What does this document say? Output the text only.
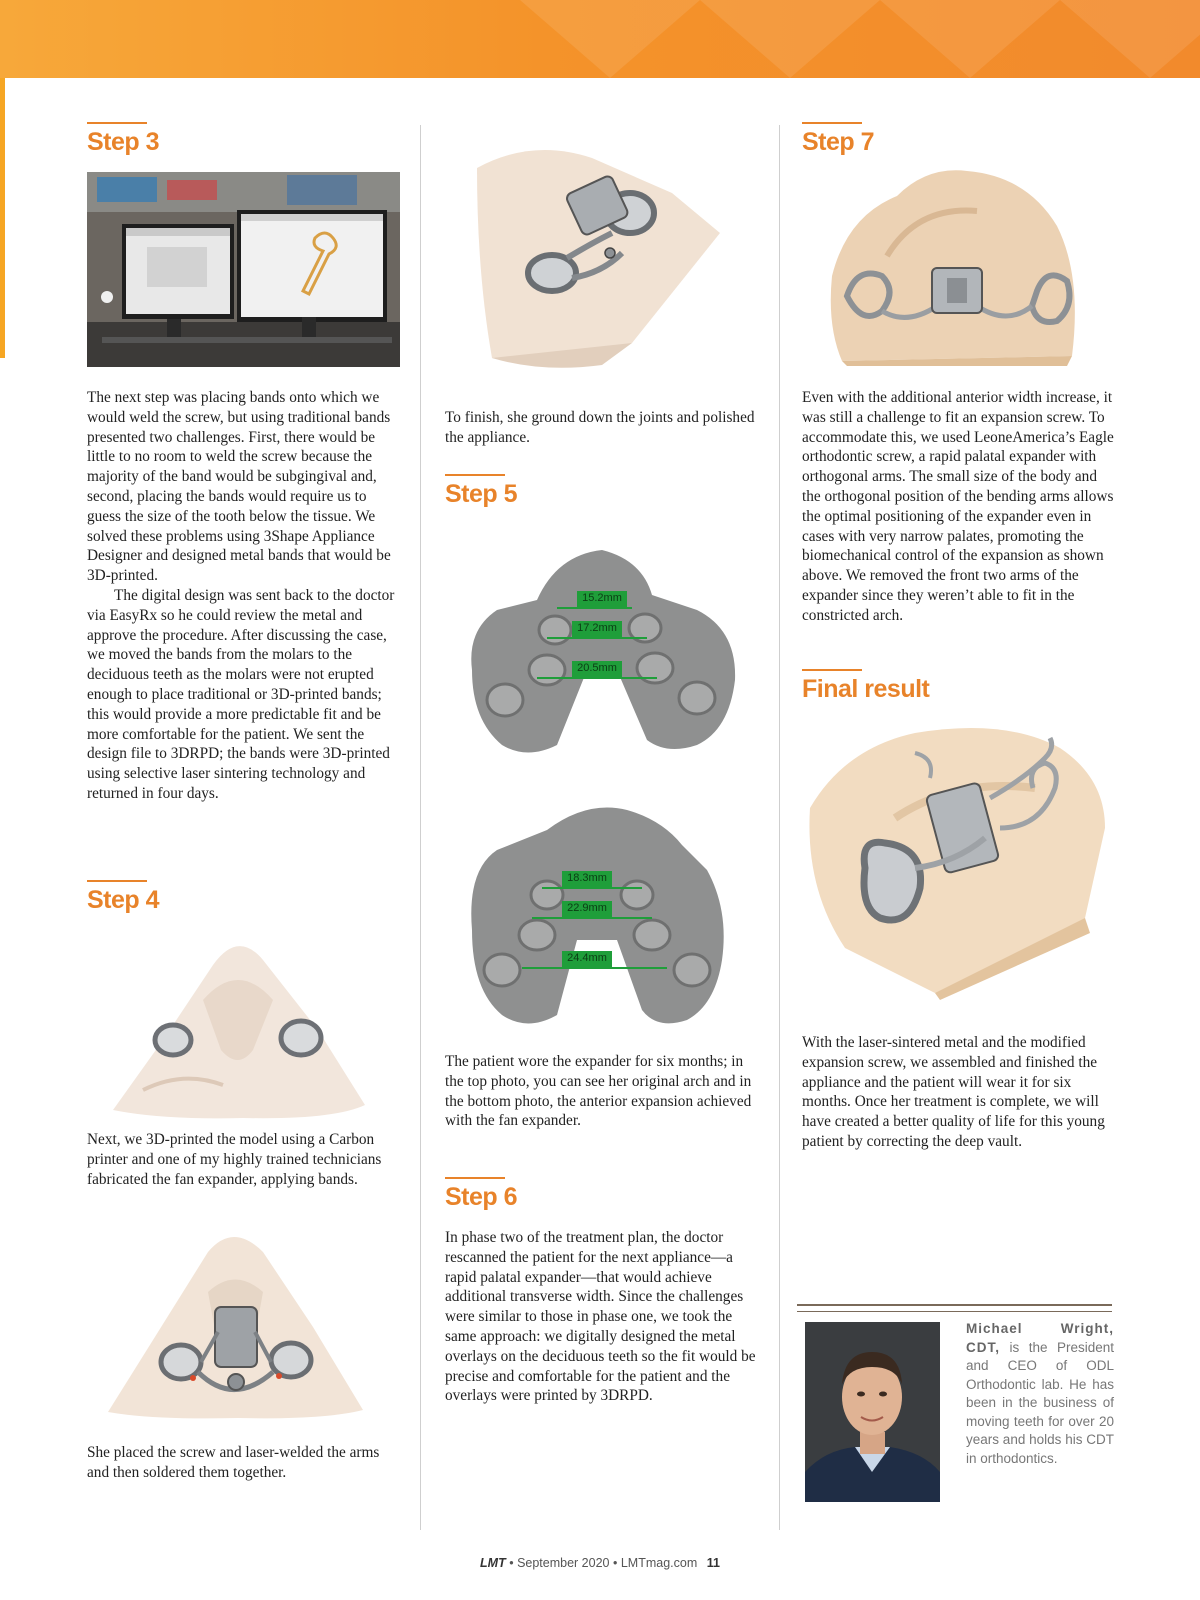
Step 3

The next step was placing bands onto which we would weld the screw, but using traditional bands presented two challenges. First, there would be little to no room to weld the screw because the majority of the band would be subgingival and, second, placing the bands would require us to guess the size of the tooth below the tissue. We solved these problems using 3Shape Appliance Designer and designed metal bands that would be 3D-printed.

The digital design was sent back to the doctor via EasyRx so he could review the metal and approve the procedure. After discussing the case, we moved the bands from the molars to the deciduous teeth as the molars were not erupted enough to place traditional or 3D-printed bands; this would provide a more predictable fit and be more comfortable for the patient. We sent the design file to 3DRPD; the bands were 3D-printed using selective laser sintering technology and returned in four days.

Step 4
Next, we 3D-printed the model using a Carbon printer and one of my highly trained technicians fabricated the fan expander, applying bands.
She placed the screw and laser-welded the arms and then soldered them together.
To finish, she ground down the joints and polished the appliance.
Step 5
15.2mm
17.2mm
20.5mm
18.3mm
22.9mm
24.4mm
The patient wore the expander for six months; in the top photo, you can see her original arch and in the bottom photo, the anterior expansion achieved with the fan expander.
Step 6
In phase two of the treatment plan, the doctor rescanned the patient for the next appliance—a rapid palatal expander—that would achieve additional transverse width. Since the challenges were similar to those in phase one, we took the same approach: we digitally designed the metal overlays on the deciduous teeth so the fit would be precise and comfortable for the patient and the overlays were printed by 3DRPD.
Step 7
Even with the additional anterior width increase, it was still a challenge to fit an expansion screw. To accommodate this, we used LeoneAmerica’s Eagle orthodontic screw, a rapid palatal expander with orthogonal arms. The small size of the body and the orthogonal position of the bending arms allows the optimal positioning of the expander even in cases with very narrow palates, promoting the biomechanical control of the expansion as shown above. We removed the front two arms of the expander since they weren’t able to fit in the constricted arch.
Final result
With the laser-sintered metal and the modified expansion screw, we assembled and finished the appliance and the patient will wear it for six months. Once her treatment is complete, we will have created a better quality of life for this young patient by correcting the deep vault.
Michael Wright, CDT, is the President and CEO of ODL Orthodontic lab. He has been in the business of moving teeth for over 20 years and holds his CDT in orthodontics.
LMT • September 2020 • LMTmag.com 11
